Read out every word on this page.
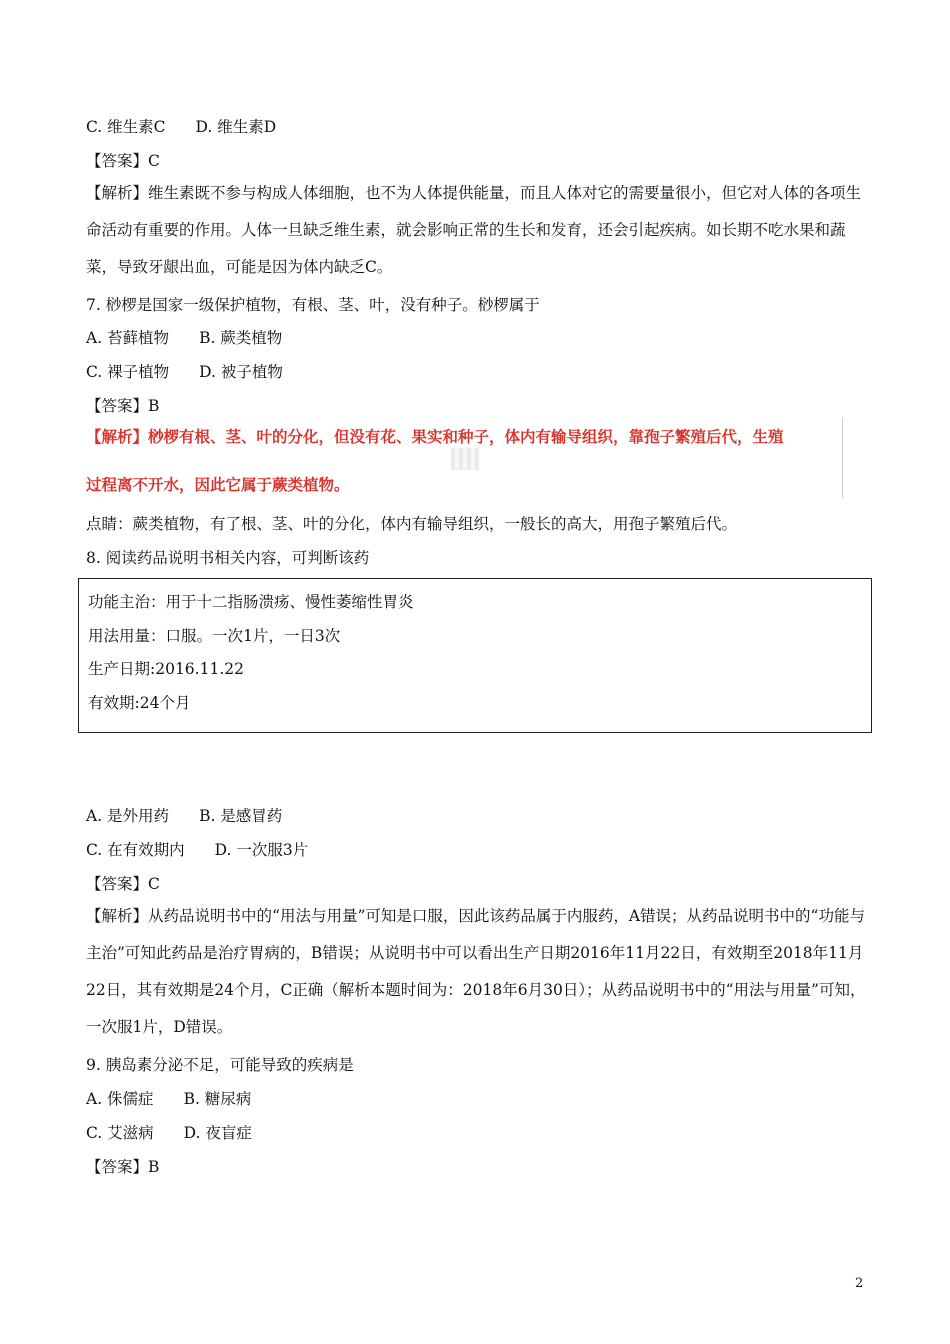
C. 维生素C D. 维生素D
【答案】C
【解析】维生素既不参与构成人体细胞，也不为人体提供能量，而且人体对它的需要量很小，但它对人体的各项生命活动有重要的作用。人体一旦缺乏维生素，就会影响正常的生长和发育，还会引起疾病。如长期不吃水果和蔬菜，导致牙龈出血，可能是因为体内缺乏C。
7. 桫椤是国家一级保护植物，有根、茎、叶，没有种子。桫椤属于
A. 苔藓植物 B. 蕨类植物
C. 裸子植物 D. 被子植物
【答案】B
【解析】桫椤有根、茎、叶的分化，但没有花、果实和种子，体内有输导组织，靠孢子繁殖后代，生殖
过程离不开水，因此它属于蕨类植物。
点睛：蕨类植物，有了根、茎、叶的分化，体内有输导组织，一般长的高大，用孢子繁殖后代。
8. 阅读药品说明书相关内容，可判断该药
功能主治：用于十二指肠溃疡、慢性萎缩性胃炎
用法用量：口服。一次1片，一日3次
生产日期:2016.11.22
有效期:24个月
A. 是外用药 B. 是感冒药
C. 在有效期内 D. 一次服3片
【答案】C
【解析】从药品说明书中的“用法与用量”可知是口服，因此该药品属于内服药，A错误；从药品说明书中的“功能与主治”可知此药品是治疗胃病的，B错误；从说明书中可以看出生产日期2016年11月22日，有效期至2018年11月22日，其有效期是24个月，C正确（解析本题时间为：2018年6月30日）；从药品说明书中的“用法与用量”可知，一次服1片，D错误。
9. 胰岛素分泌不足，可能导致的疾病是
A. 侏儒症 B. 糖尿病
C. 艾滋病 D. 夜盲症
【答案】B
2
